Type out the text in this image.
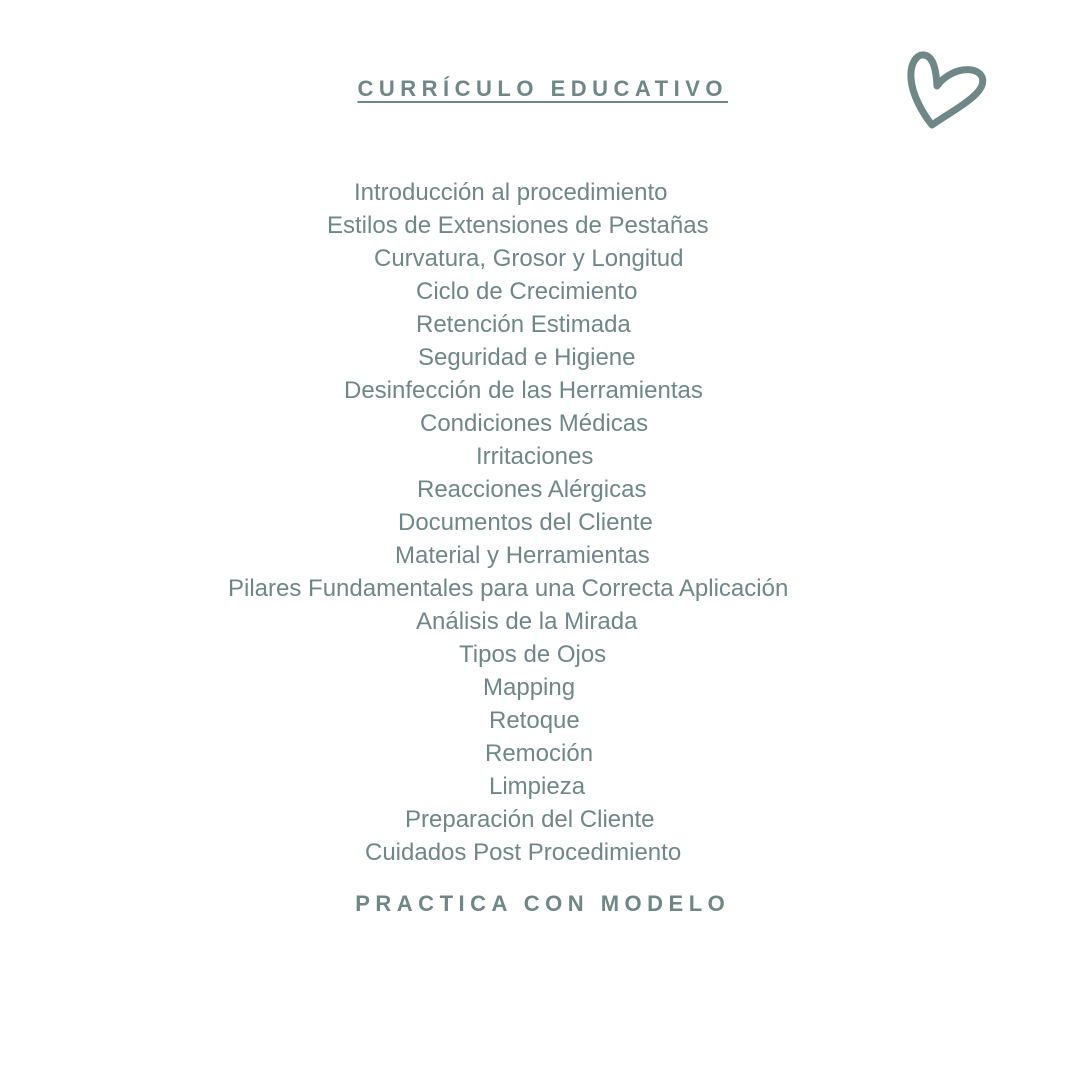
CURRÍCULO EDUCATIVO
Introducción al procedimiento
Estilos de Extensiones de Pestañas
Curvatura, Grosor y Longitud
Ciclo de Crecimiento
Retención Estimada
Seguridad e Higiene
Desinfección de las Herramientas
Condiciones Médicas
Irritaciones
Reacciones Alérgicas
Documentos del Cliente
Material y Herramientas
Pilares Fundamentales para una Correcta Aplicación
Análisis de la Mirada
Tipos de Ojos
Mapping
Retoque
Remoción
Limpieza
Preparación del Cliente
Cuidados Post Procedimiento
PRACTICA CON MODELO
